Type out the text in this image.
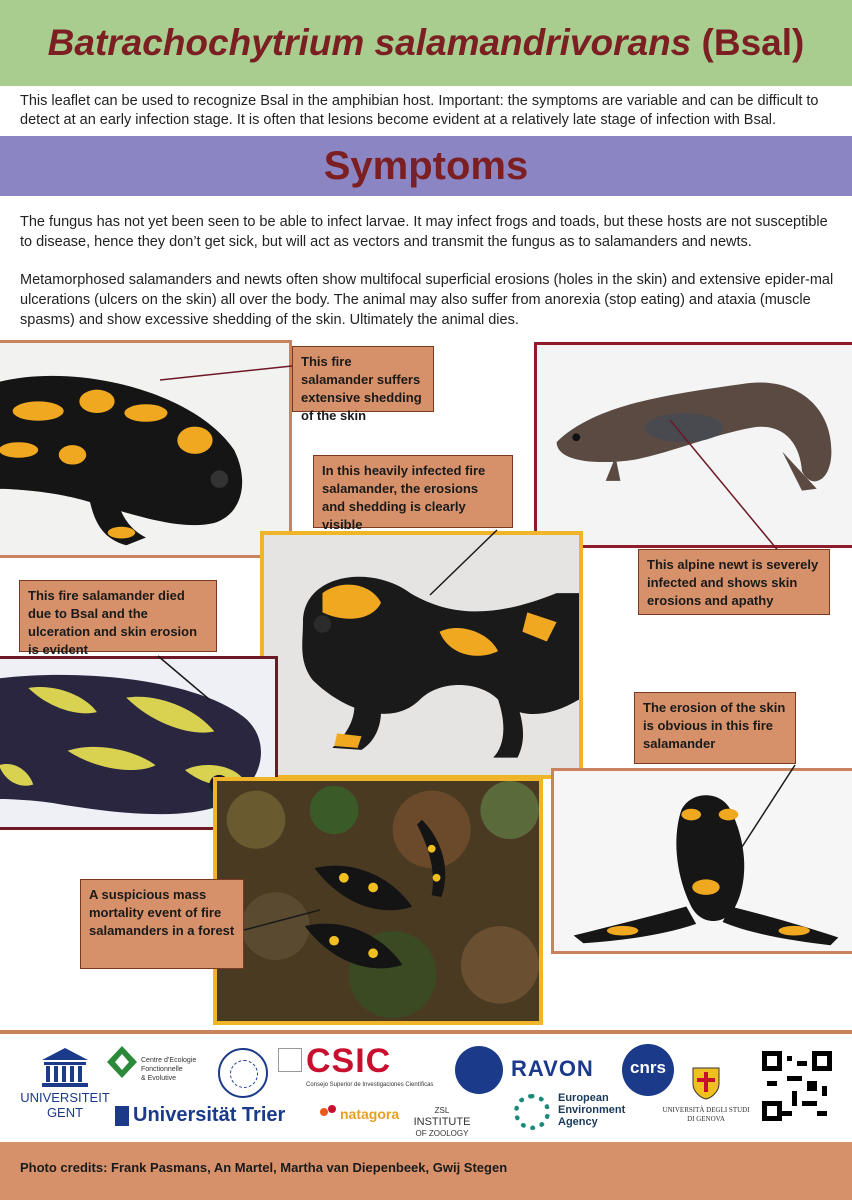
Batrachochytrium salamandrivorans (Bsal)

This leaflet can be used to recognize Bsal in the amphibian host. Important: the symptoms are variable and can be difficult to detect at an early infection stage. It is often that lesions become evident at a relatively late stage of infection with Bsal.

Symptoms

The fungus has not yet been seen to be able to infect larvae. It may infect frogs and toads, but these hosts are not susceptible to disease, hence they don’t get sick, but will act as vectors and transmit the fungus as to salamanders and newts.

Metamorphosed salamanders and newts often show multifocal superficial erosions (holes in the skin) and extensive epider-mal ulcerations (ulcers on the skin) all over the body. The animal may also suffer from anorexia (stop eating) and ataxia (muscle spasms) and show excessive shedding of the skin. Ultimately the animal dies.

This fire salamander suffers extensive shedding of the skin
In this heavily infected fire salamander, the erosions and shedding is clearly visible
This alpine newt is severely infected and shows skin erosions and apathy
This fire salamander died due to Bsal and the ulceration and skin erosion is evident
The erosion of the skin is obvious in this fire salamander
A suspicious mass mortality event of fire salamanders in a forest
UNIVERSITEIT
GENT
Centre d’Ecologie
Fonctionnelle
& Evolutive
Universität Trier
CSIC
Consejo Superior de Investigaciones Científicas
natagora	ZSL
INSTITUTE
OF ZOOLOGY
RAVON
European
Environment
Agency
cnrs
UNIVERSITÀ DEGLI STUDI
DI GENOVA

Photo credits: Frank Pasmans, An Martel, Martha van Diepenbeek, Gwij Stegen
